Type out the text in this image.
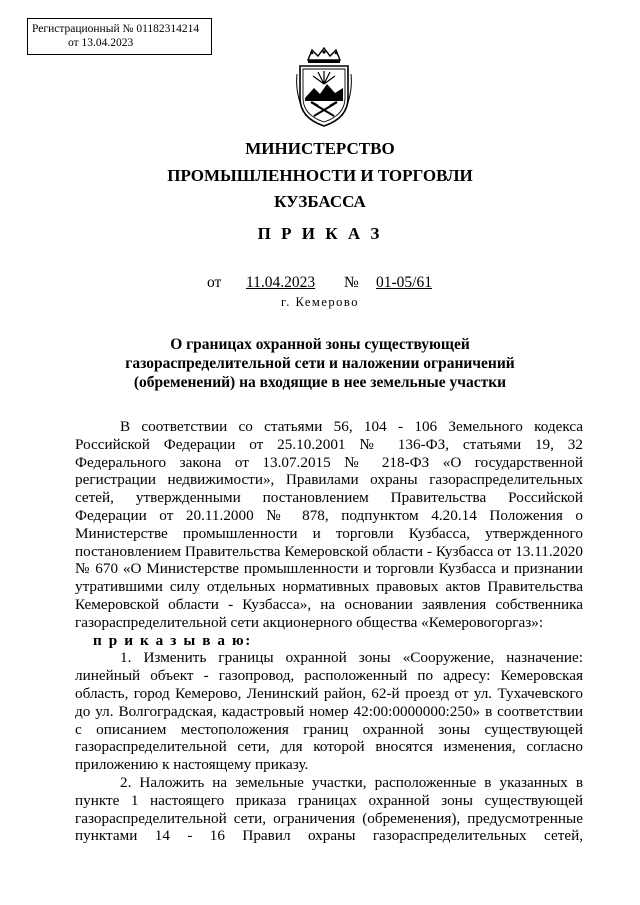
Регистрационный № 01182314214
от 13.04.2023
МИНИСТЕРСТВО
ПРОМЫШЛЕННОСТИ И ТОРГОВЛИ
КУЗБАССА
П Р И К А З
от 11.04.2023 № 01-05/61
г. Кемерово
О границах охранной зоны существующей
газораспределительной сети и наложении ограничений
(обременений) на входящие в нее земельные участки

В соответствии со статьями 56, 104 - 106 Земельного кодекса Российской Федерации от 25.10.2001 № 136-ФЗ, статьями 19, 32 Федерального закона от 13.07.2015 № 218-ФЗ «О государственной регистрации недвижимости», Правилами охраны газораспределительных сетей, утвержденными постановлением Правительства Российской Федерации от 20.11.2000 № 878, подпунктом 4.20.14 Положения о Министерстве промышленности и торговли Кузбасса, утвержденного постановлением Правительства Кемеровской области - Кузбасса от 13.11.2020 № 670 «О Министерстве промышленности и торговли Кузбасса и признании утратившими силу отдельных нормативных правовых актов Правительства Кемеровской области - Кузбасса», на основании заявления собственника газораспределительной сети акционерного общества «Кемеровогоргаз»:

п р и к а з ы в а ю:

1. Изменить границы охранной зоны «Сооружение, назначение: линейный объект - газопровод, расположенный по адресу: Кемеровская область, город Кемерово, Ленинский район, 62-й проезд от ул. Тухачевского до ул. Волгоградская, кадастровый номер 42:00:0000000:250» в соответствии с описанием местоположения границ охранной зоны существующей газораспределительной сети, для которой вносятся изменения, согласно приложению к настоящему приказу.

2. Наложить на земельные участки, расположенные в указанных в пункте 1 настоящего приказа границах охранной зоны существующей газораспределительной сети, ограничения (обременения), предусмотренные пунктами 14 - 16 Правил охраны газораспределительных сетей,
